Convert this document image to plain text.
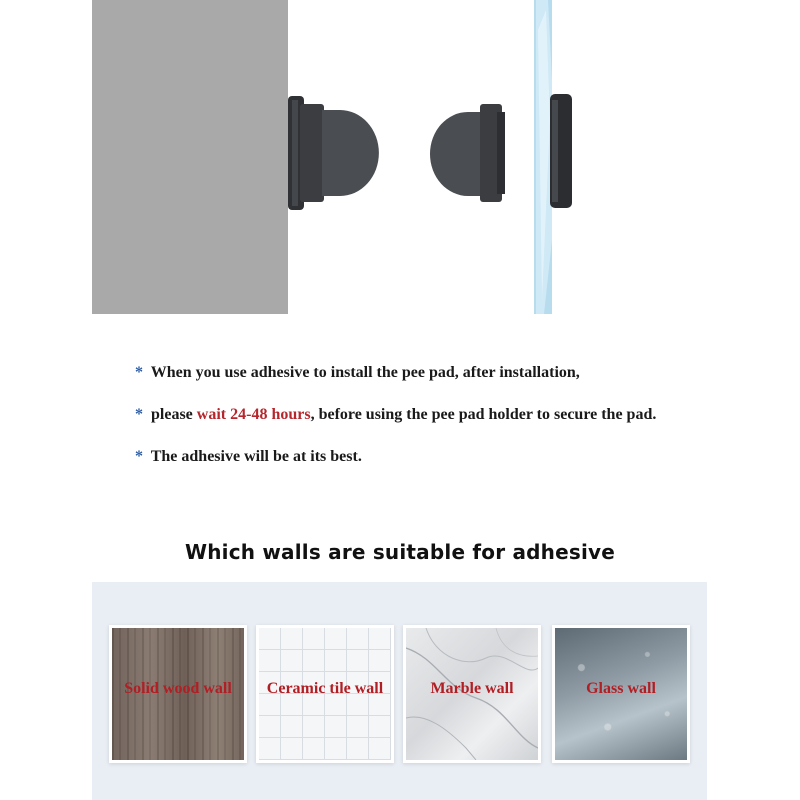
* When you use adhesive to install the pee pad, after installation,
* please wait 24-48 hours, before using the pee pad holder to secure the pad.
* The adhesive will be at its best.
Which walls are suitable for adhesive
Solid wood wall	Ceramic tile wall	Marble wall	Glass wall
